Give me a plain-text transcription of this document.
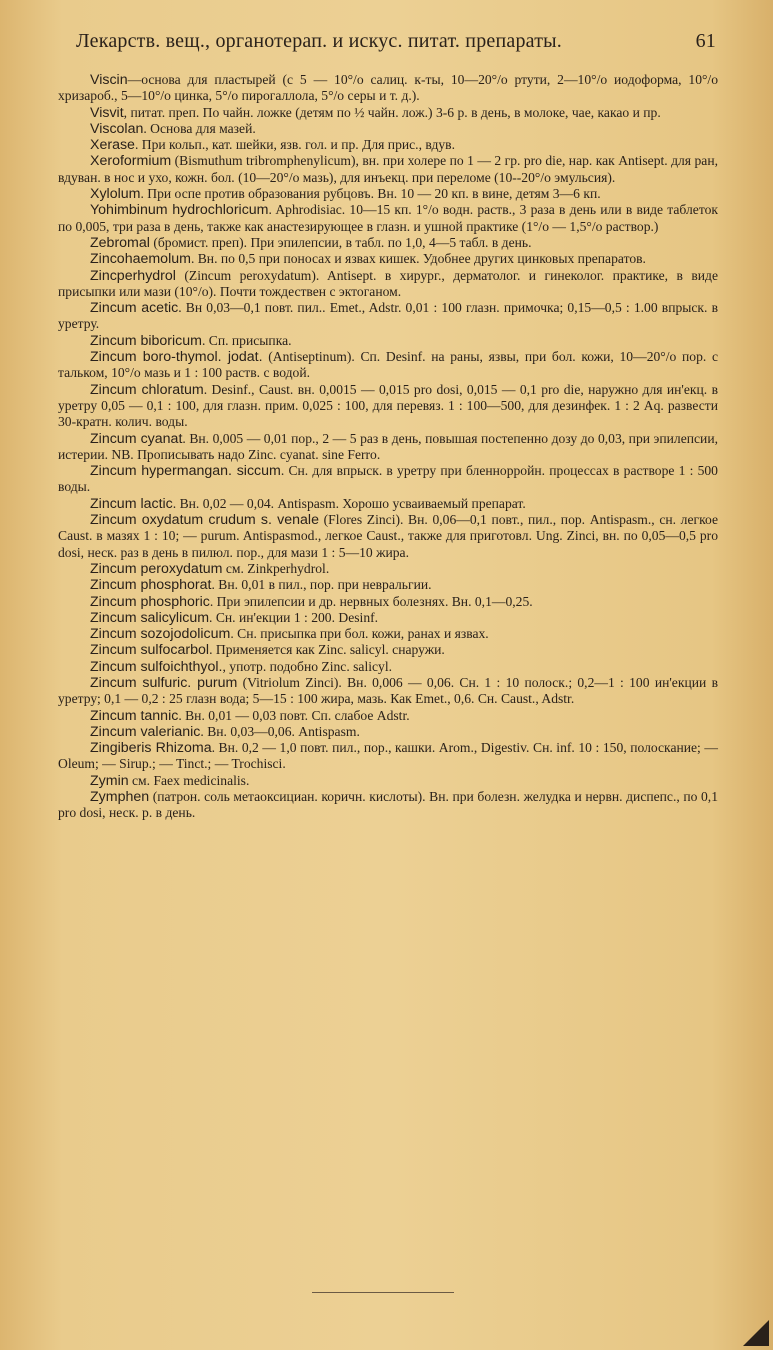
Лекарств. вещ., органотерап. и искус. питат. препараты.	61

Viscin—основа для пластырей (с 5 — 10°/о салиц. к-ты, 10—20°/о ртути, 2—10°/о иодоформа, 10°/о хризароб., 5—10°/о цинка, 5°/о пирогаллола, 5°/о серы и т. д.).

Visvit, питат. преп. По чайн. ложке (детям по ½ чайн. лож.) 3-6 р. в день, в молоке, чае, какао и пр.

Viscolan. Основа для мазей.

Xerase. При кольп., кат. шейки, язв. гол. и пр. Для прис., вдув.

Xeroformium (Bismuthum tribromphenylicum), вн. при холере по 1 — 2 гр. pro die, нар. как Antisept. для ран, вдуван. в нос и ухо, кожн. бол. (10—20°/о мазь), для инъекц. при переломе (10--20°/о эмульсия).

Xylolum. При оспе против образования рубцовъ. Вн. 10 — 20 кп. в вине, детям 3—6 кп.

Yohimbinum hydrochloricum. Aphrodisiac. 10—15 кп. 1°/о водн. раств., 3 раза в день или в виде таблеток по 0,005, три раза в день, также как анастезирующее в глазн. и ушной практике (1°/о — 1,5°/о раствор.)

Zebromal (бромист. преп). При эпилепсии, в табл. по 1,0, 4—5 табл. в день.

Zincohaemolum. Вн. по 0,5 при поносах и язвах кишек. Удобнее других цинковых препаратов.

Zincperhydrol (Zincum peroxydatum). Antisept. в хирург., дерматолог. и гинеколог. практике, в виде присыпки или мази (10°/о). Почти тождествен с эктоганом.

Zincum acetic. Вн 0,03—0,1 повт. пил.. Emet., Adstr. 0,01 : 100 глазн. примочка; 0,15—0,5 : 1.00 впрыск. в уретру.

Zincum biboricum. Сп. присыпка.

Zincum boro-thymol. jodat. (Antiseptinum). Сп. Desinf. на раны, язвы, при бол. кожи, 10—20°/о пор. с тальком, 10°/о мазь и 1 : 100 раств. с водой.

Zincum chloratum. Desinf., Caust. вн. 0,0015 — 0,015 pro dosi, 0,015 — 0,1 pro die, наружно для ин'екц. в уретру 0,05 — 0,1 : 100, для глазн. прим. 0,025 : 100, для перевяз. 1 : 100—500, для дезинфек. 1 : 2 Aq. развести 30-кратн. колич. воды.

Zincum cyanat. Вн. 0,005 — 0,01 пор., 2 — 5 раз в день, повышая постепенно дозу до 0,03, при эпилепсии, истерии. NB. Прописывать надо Zinc. cyanat. sine Ferro.

Zincum hypermangan. siccum. Сн. для впрыск. в уретру при бленнорройн. процессах в растворе 1 : 500 воды.

Zincum lactic. Вн. 0,02 — 0,04. Antispasm. Хорошо усваиваемый препарат.

Zincum oxydatum crudum s. venale (Flores Zinci). Вн. 0,06—0,1 повт., пил., пор. Antispasm., сн. легкое Caust. в мазях 1 : 10; — purum. Antispasmod., легкое Caust., также для приготовл. Ung. Zinci, вн. по 0,05—0,5 pro dosi, неск. раз в день в пилюл. пор., для мази 1 : 5—10 жира.

Zincum peroxydatum см. Zinkperhydrol.

Zincum phosphorat. Вн. 0,01 в пил., пор. при невральгии.

Zincum phosphoric. При эпилепсии и др. нервных болезнях. Вн. 0,1—0,25.

Zincum salicylicum. Сн. ин'екции 1 : 200. Desinf.

Zincum sozojodolicum. Сн. присыпка при бол. кожи, ранах и язвах.

Zincum sulfocarbol. Применяется как Zinc. salicyl. снаружи.

Zincum sulfoichthyol., употр. подобно Zinc. salicyl.

Zincum sulfuric. purum (Vitriolum Zinci). Вн. 0,006 — 0,06. Сн. 1 : 10 полоск.; 0,2—1 : 100 ин'екции в уретру; 0,1 — 0,2 : 25 глазн вода; 5—15 : 100 жира, мазь. Как Emet., 0,6. Сн. Caust., Adstr.

Zincum tannic. Вн. 0,01 — 0,03 повт. Сп. слабое Adstr.

Zincum valerianic. Вн. 0,03—0,06. Antispasm.

Zingiberis Rhizoma. Вн. 0,2 — 1,0 повт. пил., пор., кашки. Arom., Digestiv. Сн. inf. 10 : 150, полоскание; — Oleum; — Sirup.; — Tinct.; — Trochisci.

Zymin см. Faex medicinalis.

Zymphen (патрон. соль метаоксициан. коричн. кислоты). Вн. при болезн. желудка и нервн. диспепс., по 0,1 pro dosi, неск. р. в день.
